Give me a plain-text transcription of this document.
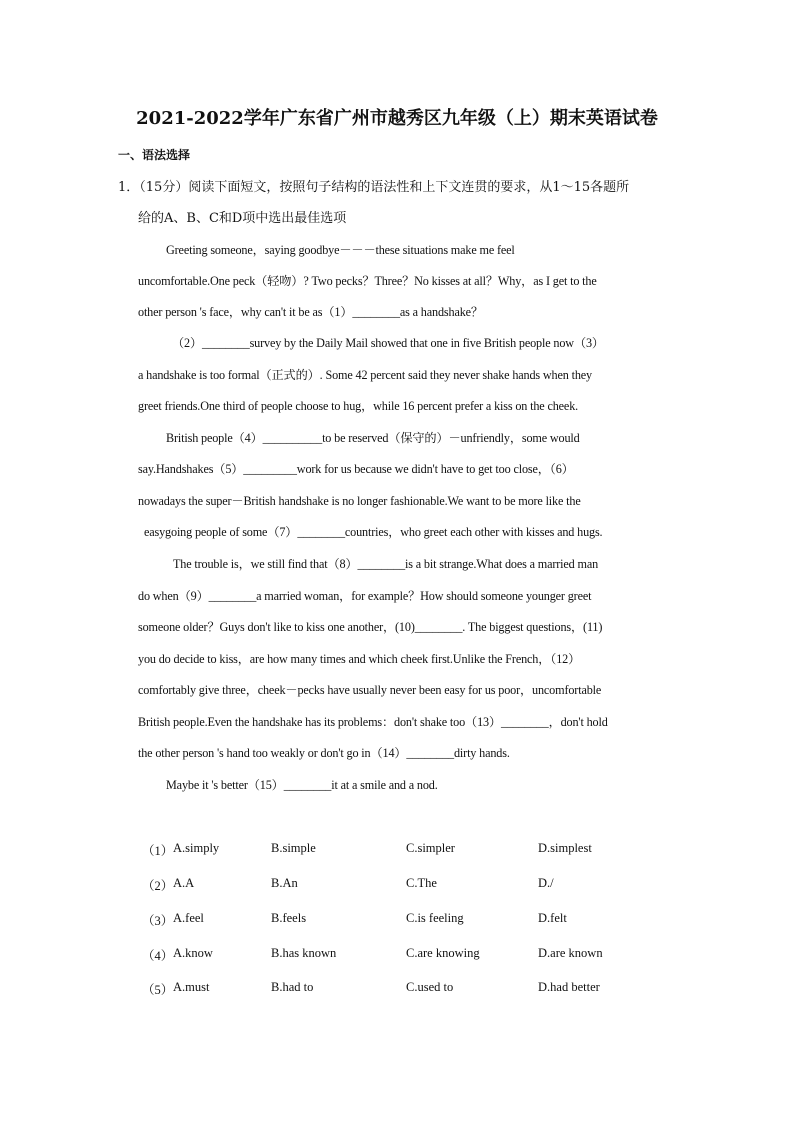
2021-2022学年广东省广州市越秀区九年级（上）期末英语试卷
一、语法选择
1．（15分）阅读下面短文，按照句子结构的语法性和上下文连贯的要求，从1～15各题所
给的A、B、C和D项中选出最佳选项
Greeting someone，saying goodbye－－－these situations make me feel
uncomfortable.One peck（轻吻）? Two pecks？Three？No kisses at all？Why，as I get to the
other person 's face，why can't it be as（1）________as a handshake？
（2）________survey by the Daily Mail showed that one in five British people now（3）
a handshake is too formal（正式的）. Some 42 percent said they never shake hands when they
greet friends.One third of people choose to hug，while 16 percent prefer a kiss on the cheek.
British people（4）__________to be reserved（保守的）－unfriendly，some would
say.Handshakes（5）_________work for us because we didn't have to get too close，（6）
nowadays the super－British handshake is no longer fashionable.We want to be more like the
easygoing people of some（7）________countries，who greet each other with kisses and hugs.
The trouble is，we still find that（8）________is a bit strange.What does a married man
do when（9）________a married woman，for example？How should someone younger greet
someone older？Guys don't like to kiss one another，(10)________. The biggest questions，(11)
you do decide to kiss，are how many times and which cheek first.Unlike the French，（12）
comfortably give three，cheek－pecks have usually never been easy for us poor，uncomfortable
British people.Even the handshake has its problems：don't shake too（13）________，don't hold
the other person 's hand too weakly or don't go in（14）________dirty hands.
Maybe it 's better（15）________it at a smile and a nod.
（1） A.simply	B.simple	C.simpler	D.simplest
（2） A.A	B.An	C.The	D./
（3） A.feel	B.feels	C.is feeling	D.felt
（4） A.know	B.has known	C.are knowing	D.are known
（5） A.must	B.had to	C.used to	D.had better
